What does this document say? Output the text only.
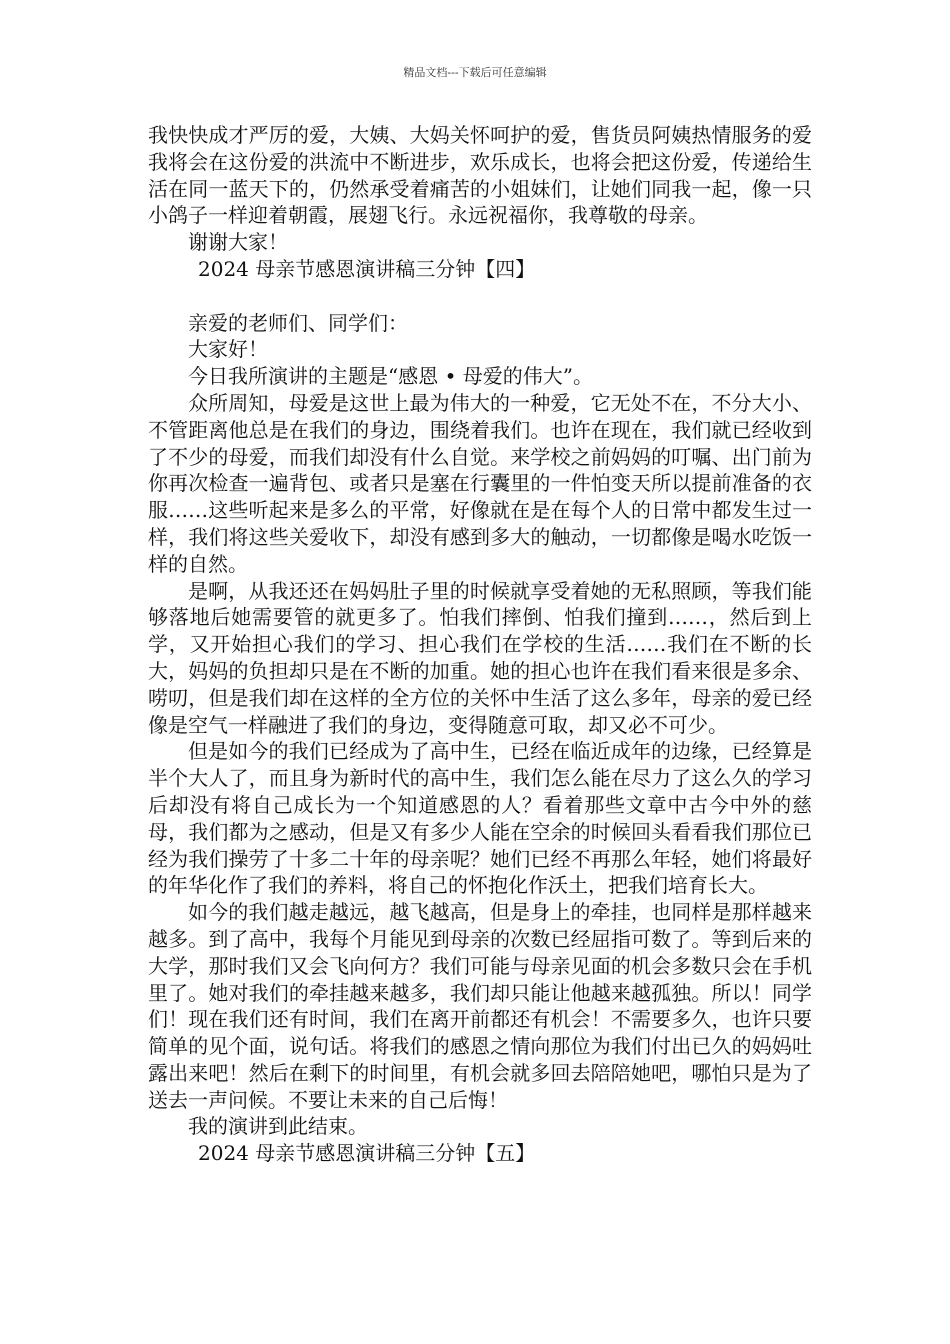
精品文档---下载后可任意编辑

我快快成才严厉的爱，大姨、大妈关怀呵护的爱，售货员阿姨热情服务的爱我将会在这份爱的洪流中不断进步，欢乐成长，也将会把这份爱，传递给生活在同一蓝天下的，仍然承受着痛苦的小姐妹们，让她们同我一起，像一只小鸽子一样迎着朝霞，展翅飞行。永远祝福你，我尊敬的母亲。

谢谢大家！

2024 母亲节感恩演讲稿三分钟【四】

亲爱的老师们、同学们：

大家好！

今日我所演讲的主题是“感恩 • 母爱的伟大”。

众所周知，母爱是这世上最为伟大的一种爱，它无处不在，不分大小、不管距离他总是在我们的身边，围绕着我们。也许在现在，我们就已经收到了不少的母爱，而我们却没有什么自觉。来学校之前妈妈的叮嘱、出门前为你再次检查一遍背包、或者只是塞在行囊里的一件怕变天所以提前准备的衣服……这些听起来是多么的平常，好像就在是在每个人的日常中都发生过一样，我们将这些关爱收下，却没有感到多大的触动，一切都像是喝水吃饭一样的自然。

是啊，从我还还在妈妈肚子里的时候就享受着她的无私照顾，等我们能够落地后她需要管的就更多了。怕我们摔倒、怕我们撞到……，然后到上学，又开始担心我们的学习、担心我们在学校的生活……我们在不断的长大，妈妈的负担却只是在不断的加重。她的担心也许在我们看来很是多余、唠叨，但是我们却在这样的全方位的关怀中生活了这么多年，母亲的爱已经像是空气一样融进了我们的身边，变得随意可取，却又必不可少。

但是如今的我们已经成为了高中生，已经在临近成年的边缘，已经算是半个大人了，而且身为新时代的高中生，我们怎么能在尽力了这么久的学习后却没有将自己成长为一个知道感恩的人？看着那些文章中古今中外的慈母，我们都为之感动，但是又有多少人能在空余的时候回头看看我们那位已经为我们操劳了十多二十年的母亲呢？她们已经不再那么年轻，她们将最好的年华化作了我们的养料，将自己的怀抱化作沃土，把我们培育长大。

如今的我们越走越远，越飞越高，但是身上的牵挂，也同样是那样越来越多。到了高中，我每个月能见到母亲的次数已经屈指可数了。等到后来的大学，那时我们又会飞向何方？我们可能与母亲见面的机会多数只会在手机里了。她对我们的牵挂越来越多，我们却只能让他越来越孤独。所以！同学们！现在我们还有时间，我们在离开前都还有机会！不需要多久，也许只要简单的见个面，说句话。将我们的感恩之情向那位为我们付出已久的妈妈吐露出来吧！然后在剩下的时间里，有机会就多回去陪陪她吧，哪怕只是为了送去一声问候。不要让未来的自己后悔！

我的演讲到此结束。

2024 母亲节感恩演讲稿三分钟【五】
